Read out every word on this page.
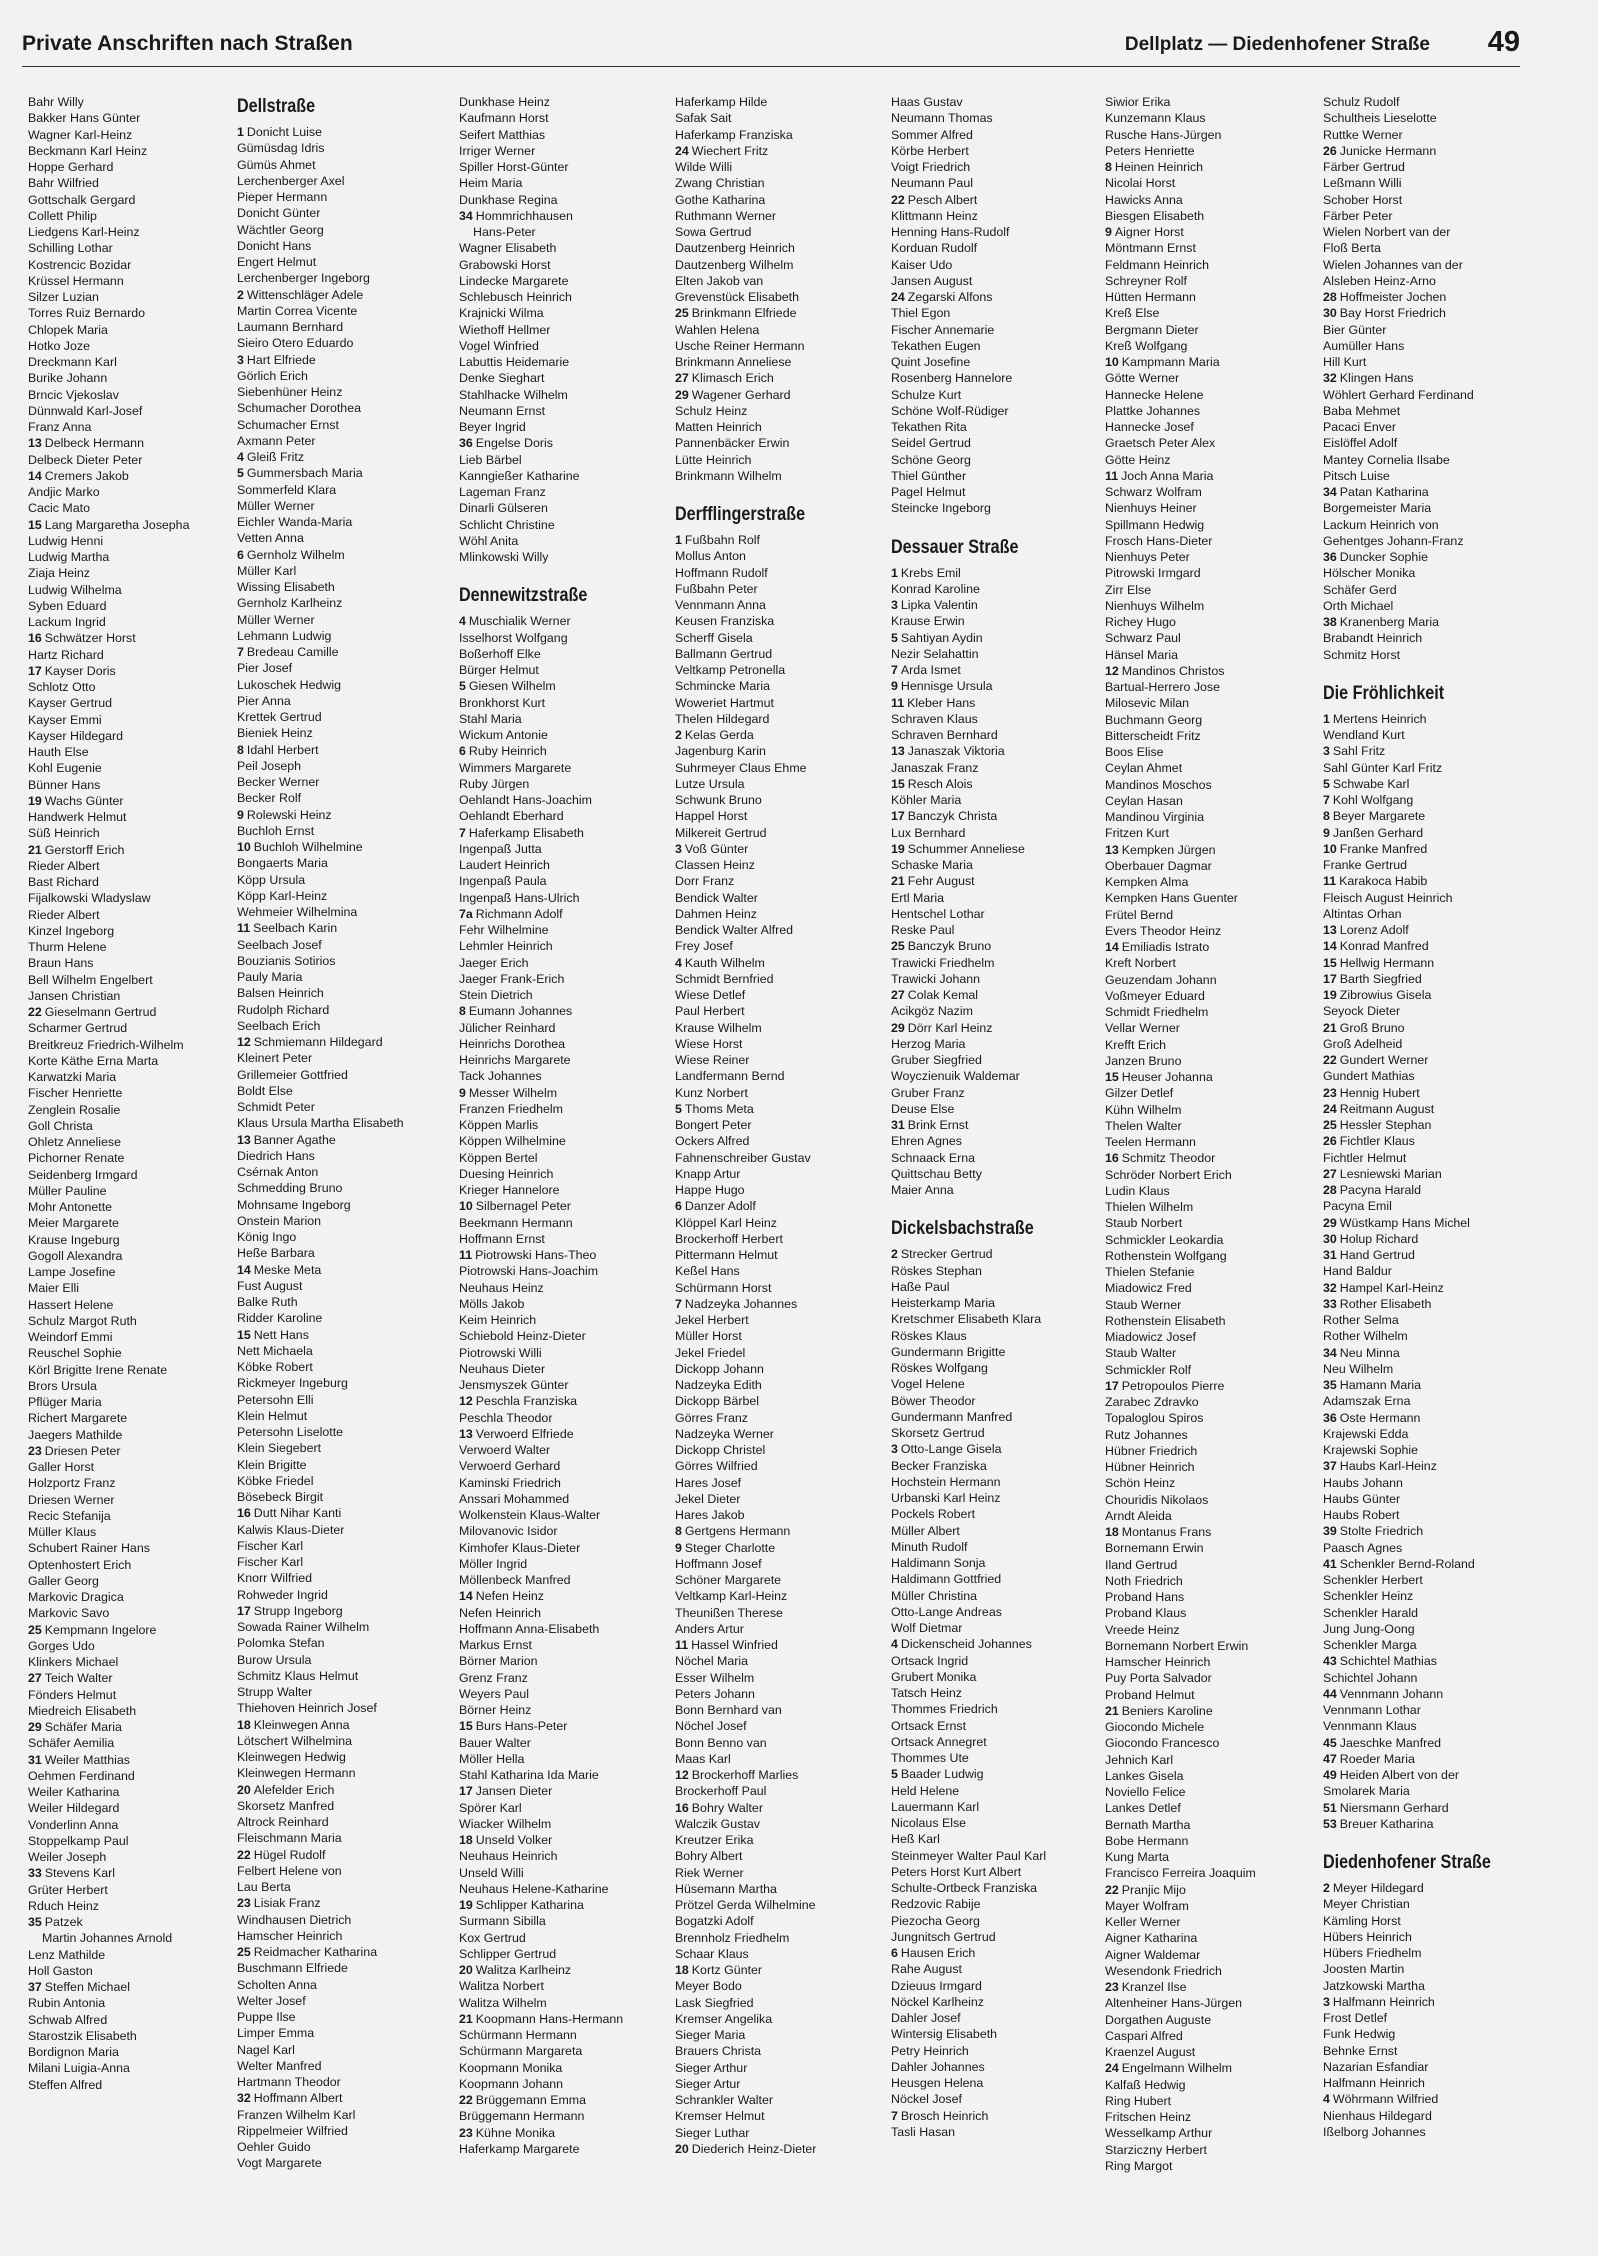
Private Anschriften nach Straßen	Dellplatz — Diedenhofener Straße 49
Bahr Willy
Bakker Hans Günter
Wagner Karl-Heinz
Beckmann Karl Heinz
Hoppe Gerhard
Bahr Wilfried
Gottschalk Gergard
Collett Philip
Liedgens Karl-Heinz
Schilling Lothar
Kostrencic Bozidar
Krüssel Hermann
Silzer Luzian
Torres Ruiz Bernardo
Chlopek Maria
Hotko Joze
Dreckmann Karl
Burike Johann
Brncic Vjekoslav
Dünnwald Karl-Josef
Franz Anna
13 Delbeck Hermann
Delbeck Dieter Peter
14 Cremers Jakob
Andjic Marko
Cacic Mato
15 Lang Margaretha Josepha
Ludwig Henni
Ludwig Martha
Ziaja Heinz
Ludwig Wilhelma
Syben Eduard
Lackum Ingrid
16 Schwätzer Horst
Hartz Richard
17 Kayser Doris
Schlotz Otto
Kayser Gertrud
Kayser Emmi
Kayser Hildegard
Hauth Else
Kohl Eugenie
Bünner Hans
19 Wachs Günter
Handwerk Helmut
Süß Heinrich
21 Gerstorff Erich
Rieder Albert
Bast Richard
Fijalkowski Wladyslaw
Rieder Albert
Kinzel Ingeborg
Thurm Helene
Braun Hans
Bell Wilhelm Engelbert
Jansen Christian
22 Gieselmann Gertrud
Scharmer Gertrud
Breitkreuz Friedrich-Wilhelm
Korte Käthe Erna Marta
Karwatzki Maria
Fischer Henriette
Zenglein Rosalie
Goll Christa
Ohletz Anneliese
Pichorner Renate
Seidenberg Irmgard
Müller Pauline
Mohr Antonette
Meier Margarete
Krause Ingeburg
Gogoll Alexandra
Lampe Josefine
Maier Elli
Hassert Helene
Schulz Margot Ruth
Weindorf Emmi
Reuschel Sophie
Körl Brigitte Irene Renate
Brors Ursula
Pflüger Maria
Richert Margarete
Jaegers Mathilde
23 Driesen Peter
Galler Horst
Holzportz Franz
Driesen Werner
Recic Stefanija
Müller Klaus
Schubert Rainer Hans
Optenhostert Erich
Galler Georg
Markovic Dragica
Markovic Savo
25 Kempmann Ingelore
Gorges Udo
Klinkers Michael
27 Teich Walter
Fönders Helmut
Miedreich Elisabeth
29 Schäfer Maria
Schäfer Aemilia
31 Weiler Matthias
Oehmen Ferdinand
Weiler Katharina
Weiler Hildegard
Vonderlinn Anna
Stoppelkamp Paul
Weiler Joseph
33 Stevens Karl
Grüter Herbert
Rduch Heinz
35 Patzek
Martin Johannes Arnold
Lenz Mathilde
Holl Gaston
37 Steffen Michael
Rubin Antonia
Schwab Alfred
Starostzik Elisabeth
Bordignon Maria
Milani Luigia-Anna
Steffen Alfred
Dellstraße
1 Donicht Luise
Gümüsdag Idris
Gümüs Ahmet
Lerchenberger Axel
Pieper Hermann
Donicht Günter
Wächtler Georg
Donicht Hans
Engert Helmut
Lerchenberger Ingeborg
2 Wittenschläger Adele
Martin Correa Vicente
Laumann Bernhard
Sieiro Otero Eduardo
3 Hart Elfriede
Görlich Erich
Siebenhüner Heinz
Schumacher Dorothea
Schumacher Ernst
Axmann Peter
4 Gleiß Fritz
5 Gummersbach Maria
Sommerfeld Klara
Müller Werner
Eichler Wanda-Maria
Vetten Anna
6 Gernholz Wilhelm
Müller Karl
Wissing Elisabeth
Gernholz Karlheinz
Müller Werner
Lehmann Ludwig
7 Bredeau Camille
Pier Josef
Lukoschek Hedwig
Pier Anna
Krettek Gertrud
Bieniek Heinz
8 Idahl Herbert
Peil Joseph
Becker Werner
Becker Rolf
9 Rolewski Heinz
Buchloh Ernst
10 Buchloh Wilhelmine
Bongaerts Maria
Köpp Ursula
Köpp Karl-Heinz
Wehmeier Wilhelmina
11 Seelbach Karin
Seelbach Josef
Bouzianis Sotirios
Pauly Maria
Balsen Heinrich
Rudolph Richard
Seelbach Erich
12 Schmiemann Hildegard
Kleinert Peter
Grillemeier Gottfried
Boldt Else
Schmidt Peter
Klaus Ursula Martha Elisabeth
13 Banner Agathe
Diedrich Hans
Csérnak Anton
Schmedding Bruno
Mohnsame Ingeborg
Onstein Marion
König Ingo
Heße Barbara
14 Meske Meta
Fust August
Balke Ruth
Ridder Karoline
15 Nett Hans
Nett Michaela
Köbke Robert
Rickmeyer Ingeburg
Petersohn Elli
Klein Helmut
Petersohn Liselotte
Klein Siegebert
Klein Brigitte
Köbke Friedel
Bösebeck Birgit
16 Dutt Nihar Kanti
Kalwis Klaus-Dieter
Fischer Karl
Fischer Karl
Knorr Wilfried
Rohweder Ingrid
17 Strupp Ingeborg
Sowada Rainer Wilhelm
Polomka Stefan
Burow Ursula
Schmitz Klaus Helmut
Strupp Walter
Thiehoven Heinrich Josef
18 Kleinwegen Anna
Lötschert Wilhelmina
Kleinwegen Hedwig
Kleinwegen Hermann
20 Alefelder Erich
Skorsetz Manfred
Altrock Reinhard
Fleischmann Maria
22 Hügel Rudolf
Felbert Helene von
Lau Berta
23 Lisiak Franz
Windhausen Dietrich
Hamscher Heinrich
25 Reidmacher Katharina
Buschmann Elfriede
Scholten Anna
Welter Josef
Puppe Ilse
Limper Emma
Nagel Karl
Welter Manfred
Hartmann Theodor
32 Hoffmann Albert
Franzen Wilhelm Karl
Rippelmeier Wilfried
Oehler Guido
Vogt Margarete
Dunkhase Heinz
Kaufmann Horst
Seifert Matthias
Irriger Werner
Spiller Horst-Günter
Heim Maria
Dunkhase Regina
34 Hommrichhausen
Hans-Peter
Wagner Elisabeth
Grabowski Horst
Lindecke Margarete
Schlebusch Heinrich
Krajnicki Wilma
Wiethoff Hellmer
Vogel Winfried
Labuttis Heidemarie
Denke Sieghart
Stahlhacke Wilhelm
Neumann Ernst
Beyer Ingrid
36 Engelse Doris
Lieb Bärbel
Kanngießer Katharine
Lageman Franz
Dinarli Gülseren
Schlicht Christine
Wöhl Anita
Mlinkowski Willy
Dennewitzstraße
4 Muschialik Werner
Isselhorst Wolfgang
Boßerhoff Elke
Bürger Helmut
5 Giesen Wilhelm
Bronkhorst Kurt
Stahl Maria
Wickum Antonie
6 Ruby Heinrich
Wimmers Margarete
Ruby Jürgen
Oehlandt Hans-Joachim
Oehlandt Eberhard
7 Haferkamp Elisabeth
Ingenpaß Jutta
Laudert Heinrich
Ingenpaß Paula
Ingenpaß Hans-Ulrich
7a Richmann Adolf
Fehr Wilhelmine
Lehmler Heinrich
Jaeger Erich
Jaeger Frank-Erich
Stein Dietrich
8 Eumann Johannes
Jülicher Reinhard
Heinrichs Dorothea
Heinrichs Margarete
Tack Johannes
9 Messer Wilhelm
Franzen Friedhelm
Köppen Marlis
Köppen Wilhelmine
Köppen Bertel
Duesing Heinrich
Krieger Hannelore
10 Silbernagel Peter
Beekmann Hermann
Hoffmann Ernst
11 Piotrowski Hans-Theo
Piotrowski Hans-Joachim
Neuhaus Heinz
Mölls Jakob
Keim Heinrich
Schiebold Heinz-Dieter
Piotrowski Willi
Neuhaus Dieter
Jensmyszek Günter
12 Peschla Franziska
Peschla Theodor
13 Verwoerd Elfriede
Verwoerd Walter
Verwoerd Gerhard
Kaminski Friedrich
Anssari Mohammed
Wolkenstein Klaus-Walter
Milovanovic Isidor
Kimhofer Klaus-Dieter
Möller Ingrid
Möllenbeck Manfred
14 Nefen Heinz
Nefen Heinrich
Hoffmann Anna-Elisabeth
Markus Ernst
Börner Marion
Grenz Franz
Weyers Paul
Börner Heinz
15 Burs Hans-Peter
Bauer Walter
Möller Hella
Stahl Katharina Ida Marie
17 Jansen Dieter
Spörer Karl
Wiacker Wilhelm
18 Unseld Volker
Neuhaus Heinrich
Unseld Willi
Neuhaus Helene-Katharine
19 Schlipper Katharina
Surmann Sibilla
Kox Gertrud
Schlipper Gertrud
20 Walitza Karlheinz
Walitza Norbert
Walitza Wilhelm
21 Koopmann Hans-Hermann
Schürmann Hermann
Schürmann Margareta
Koopmann Monika
Koopmann Johann
22 Brüggemann Emma
Brüggemann Hermann
23 Kühne Monika
Haferkamp Margarete
Haferkamp Hilde
Safak Sait
Haferkamp Franziska
24 Wiechert Fritz
Wilde Willi
Zwang Christian
Gothe Katharina
Ruthmann Werner
Sowa Gertrud
Dautzenberg Heinrich
Dautzenberg Wilhelm
Elten Jakob van
Grevenstück Elisabeth
25 Brinkmann Elfriede
Wahlen Helena
Usche Reiner Hermann
Brinkmann Anneliese
27 Klimasch Erich
29 Wagener Gerhard
Schulz Heinz
Matten Heinrich
Pannenbäcker Erwin
Lütte Heinrich
Brinkmann Wilhelm
Derfflingerstraße
1 Fußbahn Rolf
Mollus Anton
Hoffmann Rudolf
Fußbahn Peter
Vennmann Anna
Keusen Franziska
Scherff Gisela
Ballmann Gertrud
Veltkamp Petronella
Schmincke Maria
Woweriet Hartmut
Thelen Hildegard
2 Kelas Gerda
Jagenburg Karin
Suhrmeyer Claus Ehme
Lutze Ursula
Schwunk Bruno
Happel Horst
Milkereit Gertrud
3 Voß Günter
Classen Heinz
Dorr Franz
Bendick Walter
Dahmen Heinz
Bendick Walter Alfred
Frey Josef
4 Kauth Wilhelm
Schmidt Bernfried
Wiese Detlef
Paul Herbert
Krause Wilhelm
Wiese Horst
Wiese Reiner
Landfermann Bernd
Kunz Norbert
5 Thoms Meta
Bongert Peter
Ockers Alfred
Fahnenschreiber Gustav
Knapp Artur
Happe Hugo
6 Danzer Adolf
Klöppel Karl Heinz
Brockerhoff Herbert
Pittermann Helmut
Keßel Hans
Schürmann Horst
7 Nadzeyka Johannes
Jekel Herbert
Müller Horst
Jekel Friedel
Dickopp Johann
Nadzeyka Edith
Dickopp Bärbel
Görres Franz
Nadzeyka Werner
Dickopp Christel
Görres Wilfried
Hares Josef
Jekel Dieter
Hares Jakob
8 Gertgens Hermann
9 Steger Charlotte
Hoffmann Josef
Schöner Margarete
Veltkamp Karl-Heinz
Theunißen Therese
Anders Artur
11 Hassel Winfried
Nöchel Maria
Esser Wilhelm
Peters Johann
Bonn Bernhard van
Nöchel Josef
Bonn Benno van
Maas Karl
12 Brockerhoff Marlies
Brockerhoff Paul
16 Bohry Walter
Walczik Gustav
Kreutzer Erika
Bohry Albert
Riek Werner
Hüsemann Martha
Prötzel Gerda Wilhelmine
Bogatzki Adolf
Brennholz Friedhelm
Schaar Klaus
18 Kortz Günter
Meyer Bodo
Lask Siegfried
Kremser Angelika
Sieger Maria
Brauers Christa
Sieger Arthur
Sieger Artur
Schrankler Walter
Kremser Helmut
Sieger Luthar
20 Diederich Heinz-Dieter
Haas Gustav
Neumann Thomas
Sommer Alfred
Körbe Herbert
Voigt Friedrich
Neumann Paul
22 Pesch Albert
Klittmann Heinz
Henning Hans-Rudolf
Korduan Rudolf
Kaiser Udo
Jansen August
24 Zegarski Alfons
Thiel Egon
Fischer Annemarie
Tekathen Eugen
Quint Josefine
Rosenberg Hannelore
Schulze Kurt
Schöne Wolf-Rüdiger
Tekathen Rita
Seidel Gertrud
Schöne Georg
Thiel Günther
Pagel Helmut
Steincke Ingeborg
Dessauer Straße
1 Krebs Emil
Konrad Karoline
3 Lipka Valentin
Krause Erwin
5 Sahtiyan Aydin
Nezir Selahattin
7 Arda Ismet
9 Hennisge Ursula
11 Kleber Hans
Schraven Klaus
Schraven Bernhard
13 Janaszak Viktoria
Janaszak Franz
15 Resch Alois
Köhler Maria
17 Banczyk Christa
Lux Bernhard
19 Schummer Anneliese
Schaske Maria
21 Fehr August
Ertl Maria
Hentschel Lothar
Reske Paul
25 Banczyk Bruno
Trawicki Friedhelm
Trawicki Johann
27 Colak Kemal
Acikgöz Nazim
29 Dörr Karl Heinz
Herzog Maria
Gruber Siegfried
Woyczienuik Waldemar
Gruber Franz
Deuse Else
31 Brink Ernst
Ehren Agnes
Schnaack Erna
Quittschau Betty
Maier Anna
Dickelsbachstraße
2 Strecker Gertrud
Röskes Stephan
Haße Paul
Heisterkamp Maria
Kretschmer Elisabeth Klara
Röskes Klaus
Gundermann Brigitte
Röskes Wolfgang
Vogel Helene
Böwer Theodor
Gundermann Manfred
Skorsetz Gertrud
3 Otto-Lange Gisela
Becker Franziska
Hochstein Hermann
Urbanski Karl Heinz
Pockels Robert
Müller Albert
Minuth Rudolf
Haldimann Sonja
Haldimann Gottfried
Müller Christina
Otto-Lange Andreas
Wolf Dietmar
4 Dickenscheid Johannes
Ortsack Ingrid
Grubert Monika
Tatsch Heinz
Thommes Friedrich
Ortsack Ernst
Ortsack Annegret
Thommes Ute
5 Baader Ludwig
Held Helene
Lauermann Karl
Nicolaus Else
Heß Karl
Steinmeyer Walter Paul Karl
Peters Horst Kurt Albert
Schulte-Ortbeck Franziska
Redzovic Rabije
Piezocha Georg
Jungnitsch Gertrud
6 Hausen Erich
Rahe August
Dzieuus Irmgard
Nöckel Karlheinz
Dahler Josef
Wintersig Elisabeth
Petry Heinrich
Dahler Johannes
Heusgen Helena
Nöckel Josef
7 Brosch Heinrich
Tasli Hasan
Siwior Erika
Kunzemann Klaus
Rusche Hans-Jürgen
Peters Henriette
8 Heinen Heinrich
Nicolai Horst
Hawicks Anna
Biesgen Elisabeth
9 Aigner Horst
Möntmann Ernst
Feldmann Heinrich
Schreyner Rolf
Hütten Hermann
Kreß Else
Bergmann Dieter
Kreß Wolfgang
10 Kampmann Maria
Götte Werner
Hannecke Helene
Plattke Johannes
Hannecke Josef
Graetsch Peter Alex
Götte Heinz
11 Joch Anna Maria
Schwarz Wolfram
Nienhuys Heiner
Spillmann Hedwig
Frosch Hans-Dieter
Nienhuys Peter
Pitrowski Irmgard
Zirr Else
Nienhuys Wilhelm
Richey Hugo
Schwarz Paul
Hänsel Maria
12 Mandinos Christos
Bartual-Herrero Jose
Milosevic Milan
Buchmann Georg
Bitterscheidt Fritz
Boos Elise
Ceylan Ahmet
Mandinos Moschos
Ceylan Hasan
Mandinou Virginia
Fritzen Kurt
13 Kempken Jürgen
Oberbauer Dagmar
Kempken Alma
Kempken Hans Guenter
Frütel Bernd
Evers Theodor Heinz
14 Emiliadis Istrato
Kreft Norbert
Geuzendam Johann
Voßmeyer Eduard
Schmidt Friedhelm
Vellar Werner
Krefft Erich
Janzen Bruno
15 Heuser Johanna
Gilzer Detlef
Kühn Wilhelm
Thelen Walter
Teelen Hermann
16 Schmitz Theodor
Schröder Norbert Erich
Ludin Klaus
Thielen Wilhelm
Staub Norbert
Schmickler Leokardia
Rothenstein Wolfgang
Thielen Stefanie
Miadowicz Fred
Staub Werner
Rothenstein Elisabeth
Miadowicz Josef
Staub Walter
Schmickler Rolf
17 Petropoulos Pierre
Zarabec Zdravko
Topaloglou Spiros
Rutz Johannes
Hübner Friedrich
Hübner Heinrich
Schön Heinz
Chouridis Nikolaos
Arndt Aleida
18 Montanus Frans
Bornemann Erwin
Iland Gertrud
Noth Friedrich
Proband Hans
Proband Klaus
Vreede Heinz
Bornemann Norbert Erwin
Hamscher Heinrich
Puy Porta Salvador
Proband Helmut
21 Beniers Karoline
Giocondo Michele
Giocondo Francesco
Jehnich Karl
Lankes Gisela
Noviello Felice
Lankes Detlef
Bernath Martha
Bobe Hermann
Kung Marta
Francisco Ferreira Joaquim
22 Pranjic Mijo
Mayer Wolfram
Keller Werner
Aigner Katharina
Aigner Waldemar
Wesendonk Friedrich
23 Kranzel Ilse
Altenheiner Hans-Jürgen
Dorgathen Auguste
Caspari Alfred
Kraenzel August
24 Engelmann Wilhelm
Kalfaß Hedwig
Ring Hubert
Fritschen Heinz
Wesselkamp Arthur
Starziczny Herbert
Ring Margot
Schulz Rudolf
Schultheis Lieselotte
Ruttke Werner
26 Junicke Hermann
Färber Gertrud
Leßmann Willi
Schober Horst
Färber Peter
Wielen Norbert van der
Floß Berta
Wielen Johannes van der
Alsleben Heinz-Arno
28 Hoffmeister Jochen
30 Bay Horst Friedrich
Bier Günter
Aumüller Hans
Hill Kurt
32 Klingen Hans
Wöhlert Gerhard Ferdinand
Baba Mehmet
Pacaci Enver
Eislöffel Adolf
Mantey Cornelia Ilsabe
Pitsch Luise
34 Patan Katharina
Borgemeister Maria
Lackum Heinrich von
Gehentges Johann-Franz
36 Duncker Sophie
Hölscher Monika
Schäfer Gerd
Orth Michael
38 Kranenberg Maria
Brabandt Heinrich
Schmitz Horst
Die Fröhlichkeit
1 Mertens Heinrich
Wendland Kurt
3 Sahl Fritz
Sahl Günter Karl Fritz
5 Schwabe Karl
7 Kohl Wolfgang
8 Beyer Margarete
9 Janßen Gerhard
10 Franke Manfred
Franke Gertrud
11 Karakoca Habib
Fleisch August Heinrich
Altintas Orhan
13 Lorenz Adolf
14 Konrad Manfred
15 Hellwig Hermann
17 Barth Siegfried
19 Zibrowius Gisela
Seyock Dieter
21 Groß Bruno
Groß Adelheid
22 Gundert Werner
Gundert Mathias
23 Hennig Hubert
24 Reitmann August
25 Hessler Stephan
26 Fichtler Klaus
Fichtler Helmut
27 Lesniewski Marian
28 Pacyna Harald
Pacyna Emil
29 Wüstkamp Hans Michel
30 Holup Richard
31 Hand Gertrud
Hand Baldur
32 Hampel Karl-Heinz
33 Rother Elisabeth
Rother Selma
Rother Wilhelm
34 Neu Minna
Neu Wilhelm
35 Hamann Maria
Adamszak Erna
36 Oste Hermann
Krajewski Edda
Krajewski Sophie
37 Haubs Karl-Heinz
Haubs Johann
Haubs Günter
Haubs Robert
39 Stolte Friedrich
Paasch Agnes
41 Schenkler Bernd-Roland
Schenkler Herbert
Schenkler Heinz
Schenkler Harald
Jung Jung-Oong
Schenkler Marga
43 Schichtel Mathias
Schichtel Johann
44 Vennmann Johann
Vennmann Lothar
Vennmann Klaus
45 Jaeschke Manfred
47 Roeder Maria
49 Heiden Albert von der
Smolarek Maria
51 Niersmann Gerhard
53 Breuer Katharina
Diedenhofener Straße
2 Meyer Hildegard
Meyer Christian
Kämling Horst
Hübers Heinrich
Hübers Friedhelm
Joosten Martin
Jatzkowski Martha
3 Halfmann Heinrich
Frost Detlef
Funk Hedwig
Behnke Ernst
Nazarian Esfandiar
Halfmann Heinrich
4 Wöhrmann Wilfried
Nienhaus Hildegard
Ißelborg Johannes
